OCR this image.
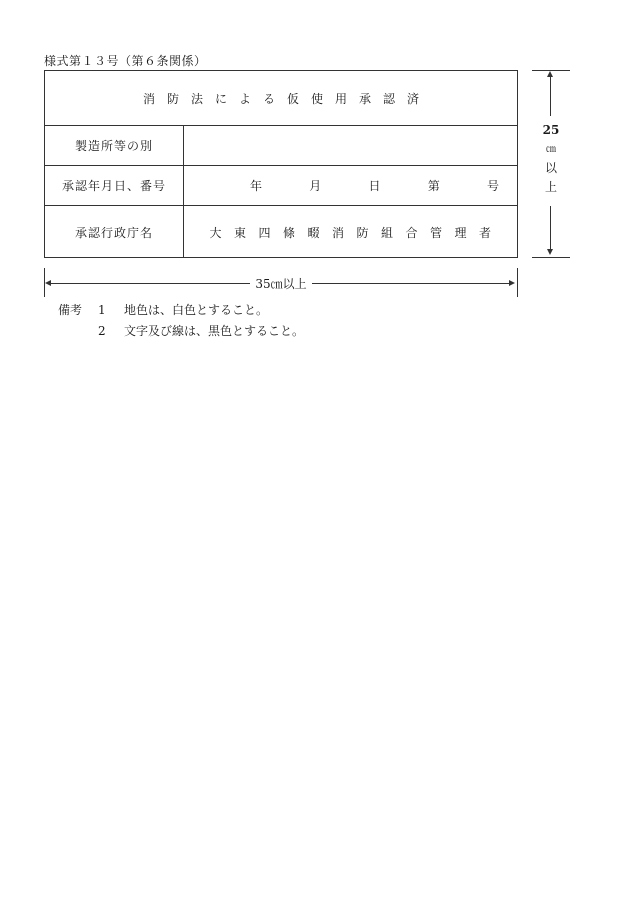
様式第１３号（第６条関係）
消防法による仮使用承認済
製造所等の別
承認年月日、番号	年	月	日	第	号
承認行政庁名	大東四條畷消防組合管理者
25
㎝
以
上
35㎝以上
備考	1	地色は、白色とすること。
2	文字及び線は、黒色とすること。
